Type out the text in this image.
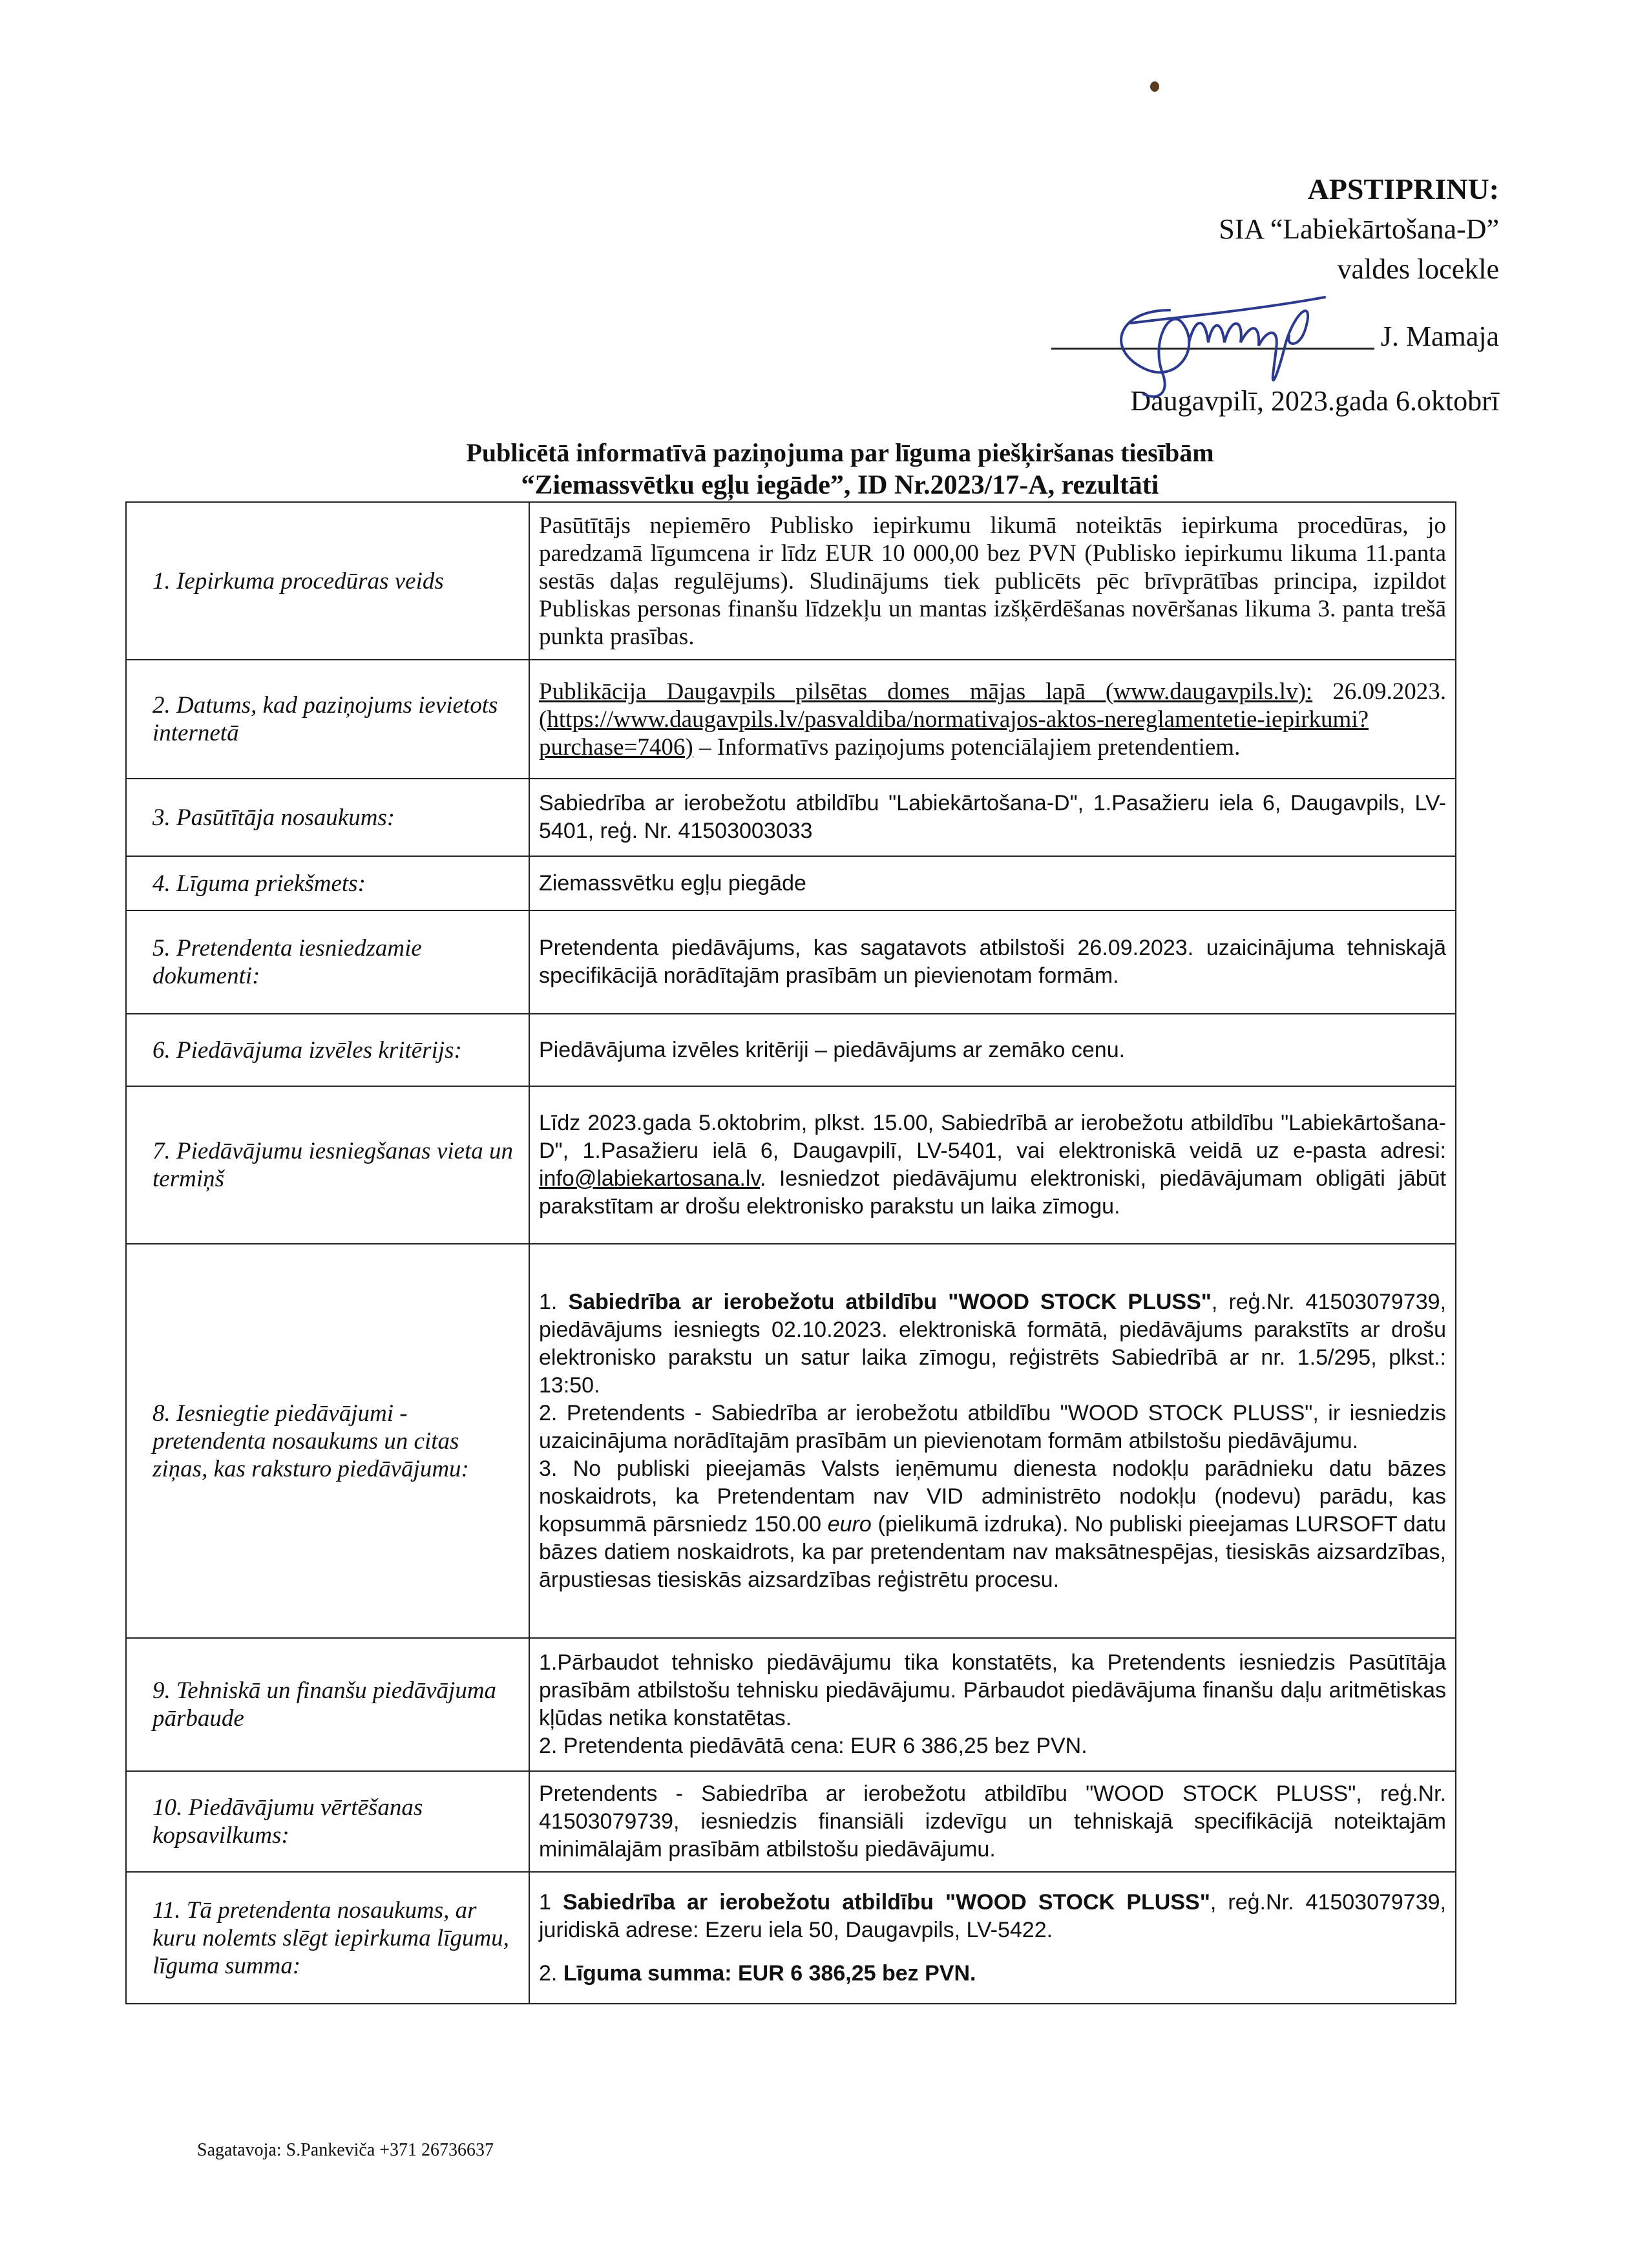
APSTIPRINU:
SIA “Labiekārtošana-D”
valdes locekle
J. Mamaja
Daugavpilī, 2023.gada 6.oktobrī
Publicētā informatīvā paziņojuma par līguma piešķiršanas tiesībām
“Ziemassvētku egļu iegāde”, ID Nr.2023/17-A, rezultāti
1. Iepirkuma procedūras veids	Pasūtītājs nepiemēro Publisko iepirkumu likumā noteiktās iepirkuma procedūras, jo paredzamā līgumcena ir līdz EUR 10 000,00 bez PVN (Publisko iepirkumu likuma 11.panta sestās daļas regulējums). Sludinājums tiek publicēts pēc brīvprātības principa, izpildot Publiskas personas finanšu līdzekļu un mantas izšķērdēšanas novēršanas likuma 3. panta trešā punkta prasības.
2. Datums, kad paziņojums ievietots internetā	Publikācija Daugavpils pilsētas domes mājas lapā (www.daugavpils.lv): 26.09.2023. (https://www.daugavpils.lv/pasvaldiba/normativajos-aktos-nereglamentetie-iepirkumi?purchase=7406) – Informatīvs paziņojums potenciālajiem pretendentiem.
3. Pasūtītāja nosaukums:	Sabiedrība ar ierobežotu atbildību "Labiekārtošana-D", 1.Pasažieru iela 6, Daugavpils, LV-5401, reģ. Nr. 41503003033
4. Līguma priekšmets:	Ziemassvētku egļu piegāde
5. Pretendenta iesniedzamie dokumenti:	Pretendenta piedāvājums, kas sagatavots atbilstoši 26.09.2023. uzaicinājuma tehniskajā specifikācijā norādītajām prasībām un pievienotam formām.
6. Piedāvājuma izvēles kritērijs:	Piedāvājuma izvēles kritēriji – piedāvājums ar zemāko cenu.
7. Piedāvājumu iesniegšanas vieta un termiņš	Līdz 2023.gada 5.oktobrim, plkst. 15.00, Sabiedrībā ar ierobežotu atbildību "Labiekārtošana-D", 1.Pasažieru ielā 6, Daugavpilī, LV-5401, vai elektroniskā veidā uz e-pasta adresi: info@labiekartosana.lv. Iesniedzot piedāvājumu elektroniski, piedāvājumam obligāti jābūt parakstītam ar drošu elektronisko parakstu un laika zīmogu.
8. Iesniegtie piedāvājumi - pretendenta nosaukums un citas ziņas, kas raksturo piedāvājumu:	1. Sabiedrība ar ierobežotu atbildību "WOOD STOCK PLUSS", reģ.Nr. 41503079739, piedāvājums iesniegts 02.10.2023. elektroniskā formātā, piedāvājums parakstīts ar drošu elektronisko parakstu un satur laika zīmogu, reģistrēts Sabiedrībā ar nr. 1.5/295, plkst.: 13:50.

2. Pretendents - Sabiedrība ar ierobežotu atbildību "WOOD STOCK PLUSS", ir iesniedzis uzaicinājuma norādītajām prasībām un pievienotam formām atbilstošu piedāvājumu.

3. No publiski pieejamās Valsts ieņēmumu dienesta nodokļu parādnieku datu bāzes noskaidrots, ka Pretendentam nav VID administrēto nodokļu (nodevu) parādu, kas kopsummā pārsniedz 150.00 euro (pielikumā izdruka). No publiski pieejamas LURSOFT datu bāzes datiem noskaidrots, ka par pretendentam nav maksātnespējas, tiesiskās aizsardzības, ārpustiesas tiesiskās aizsardzības reģistrētu procesu.

9. Tehniskā un finanšu piedāvājuma pārbaude	1.Pārbaudot tehnisko piedāvājumu tika konstatēts, ka Pretendents iesniedzis Pasūtītāja prasībām atbilstošu tehnisku piedāvājumu. Pārbaudot piedāvājuma finanšu daļu aritmētiskas kļūdas netika konstatētas.

2. Pretendenta piedāvātā cena: EUR 6 386,25 bez PVN.

10. Piedāvājumu vērtēšanas kopsavilkums:	Pretendents - Sabiedrība ar ierobežotu atbildību "WOOD STOCK PLUSS", reģ.Nr. 41503079739, iesniedzis finansiāli izdevīgu un tehniskajā specifikācijā noteiktajām minimālajām prasībām atbilstošu piedāvājumu.
11. Tā pretendenta nosaukums, ar kuru nolemts slēgt iepirkuma līgumu, līguma summa:	1 Sabiedrība ar ierobežotu atbildību "WOOD STOCK PLUSS", reģ.Nr. 41503079739, juridiskā adrese: Ezeru iela 50, Daugavpils, LV-5422.

2. Līguma summa: EUR 6 386,25 bez PVN.

Sagatavoja: S.Pankeviča +371 26736637
